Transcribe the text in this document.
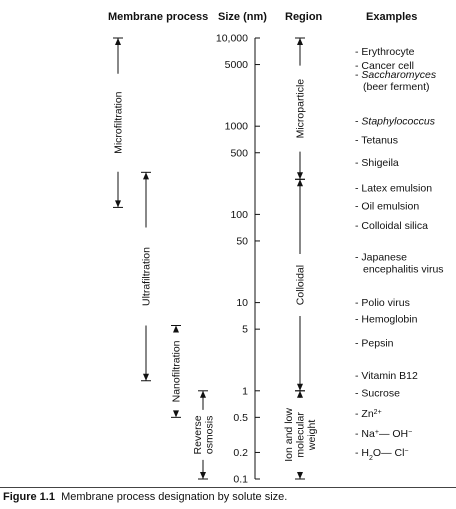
Membrane process Size (nm) Region	Examples
10,000
5000
1000
500
100
50
10
5
1
0.5
0.2
0.1
Microfiltration
Ultrafiltration
Nanofiltration
Reverseosmosis
Microparticle
Colloidal
Ion and lowmolecularweight
- Erythrocyte
- Cancer cell
- Saccharomyces
(beer ferment)
- Staphylococcus
- Tetanus
- Shigeila
- Latex emulsion
- Oil emulsion
- Colloidal silica
- Japanese
encephalitis virus
- Polio virus
- Hemoglobin
- Pepsin
- Vitamin B12
- Sucrose
- $Zn^{2+}$
- Na+— OH−
- $H_2O—$ Cl−
Figure 1.1 Membrane process designation by solute size.
